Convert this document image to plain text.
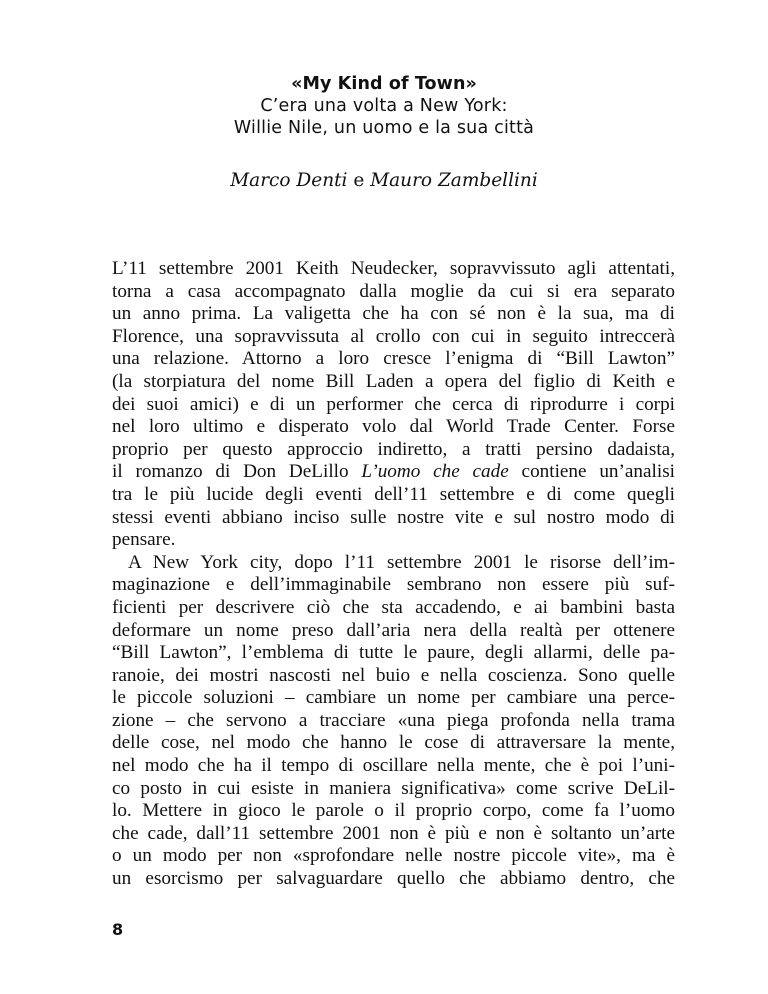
«My Kind of Town»
C’era una volta a New York:
Willie Nile, un uomo e la sua città
Marco Denti e Mauro Zambellini
L’11 settembre 2001 Keith Neudecker, sopravvissuto agli attentati,
torna a casa accompagnato dalla moglie da cui si era separato
un anno prima. La valigetta che ha con sé non è la sua, ma di
Florence, una sopravvissuta al crollo con cui in seguito intreccerà
una relazione. Attorno a loro cresce l’enigma di “Bill Lawton”
(la storpiatura del nome Bill Laden a opera del figlio di Keith e
dei suoi amici) e di un performer che cerca di riprodurre i corpi
nel loro ultimo e disperato volo dal World Trade Center. Forse
proprio per questo approccio indiretto, a tratti persino dadaista,
il romanzo di Don DeLillo L’uomo che cade contiene un’analisi
tra le più lucide degli eventi dell’11 settembre e di come quegli
stessi eventi abbiano inciso sulle nostre vite e sul nostro modo di
pensare.
A New York city, dopo l’11 settembre 2001 le risorse dell’im-
maginazione e dell’immaginabile sembrano non essere più suf-
ficienti per descrivere ciò che sta accadendo, e ai bambini basta
deformare un nome preso dall’aria nera della realtà per ottenere
“Bill Lawton”, l’emblema di tutte le paure, degli allarmi, delle pa-
ranoie, dei mostri nascosti nel buio e nella coscienza. Sono quelle
le piccole soluzioni – cambiare un nome per cambiare una perce-
zione – che servono a tracciare «una piega profonda nella trama
delle cose, nel modo che hanno le cose di attraversare la mente,
nel modo che ha il tempo di oscillare nella mente, che è poi l’uni-
co posto in cui esiste in maniera significativa» come scrive DeLil-
lo. Mettere in gioco le parole o il proprio corpo, come fa l’uomo
che cade, dall’11 settembre 2001 non è più e non è soltanto un’arte
o un modo per non «sprofondare nelle nostre piccole vite», ma è
un esorcismo per salvaguardare quello che abbiamo dentro, che
8
